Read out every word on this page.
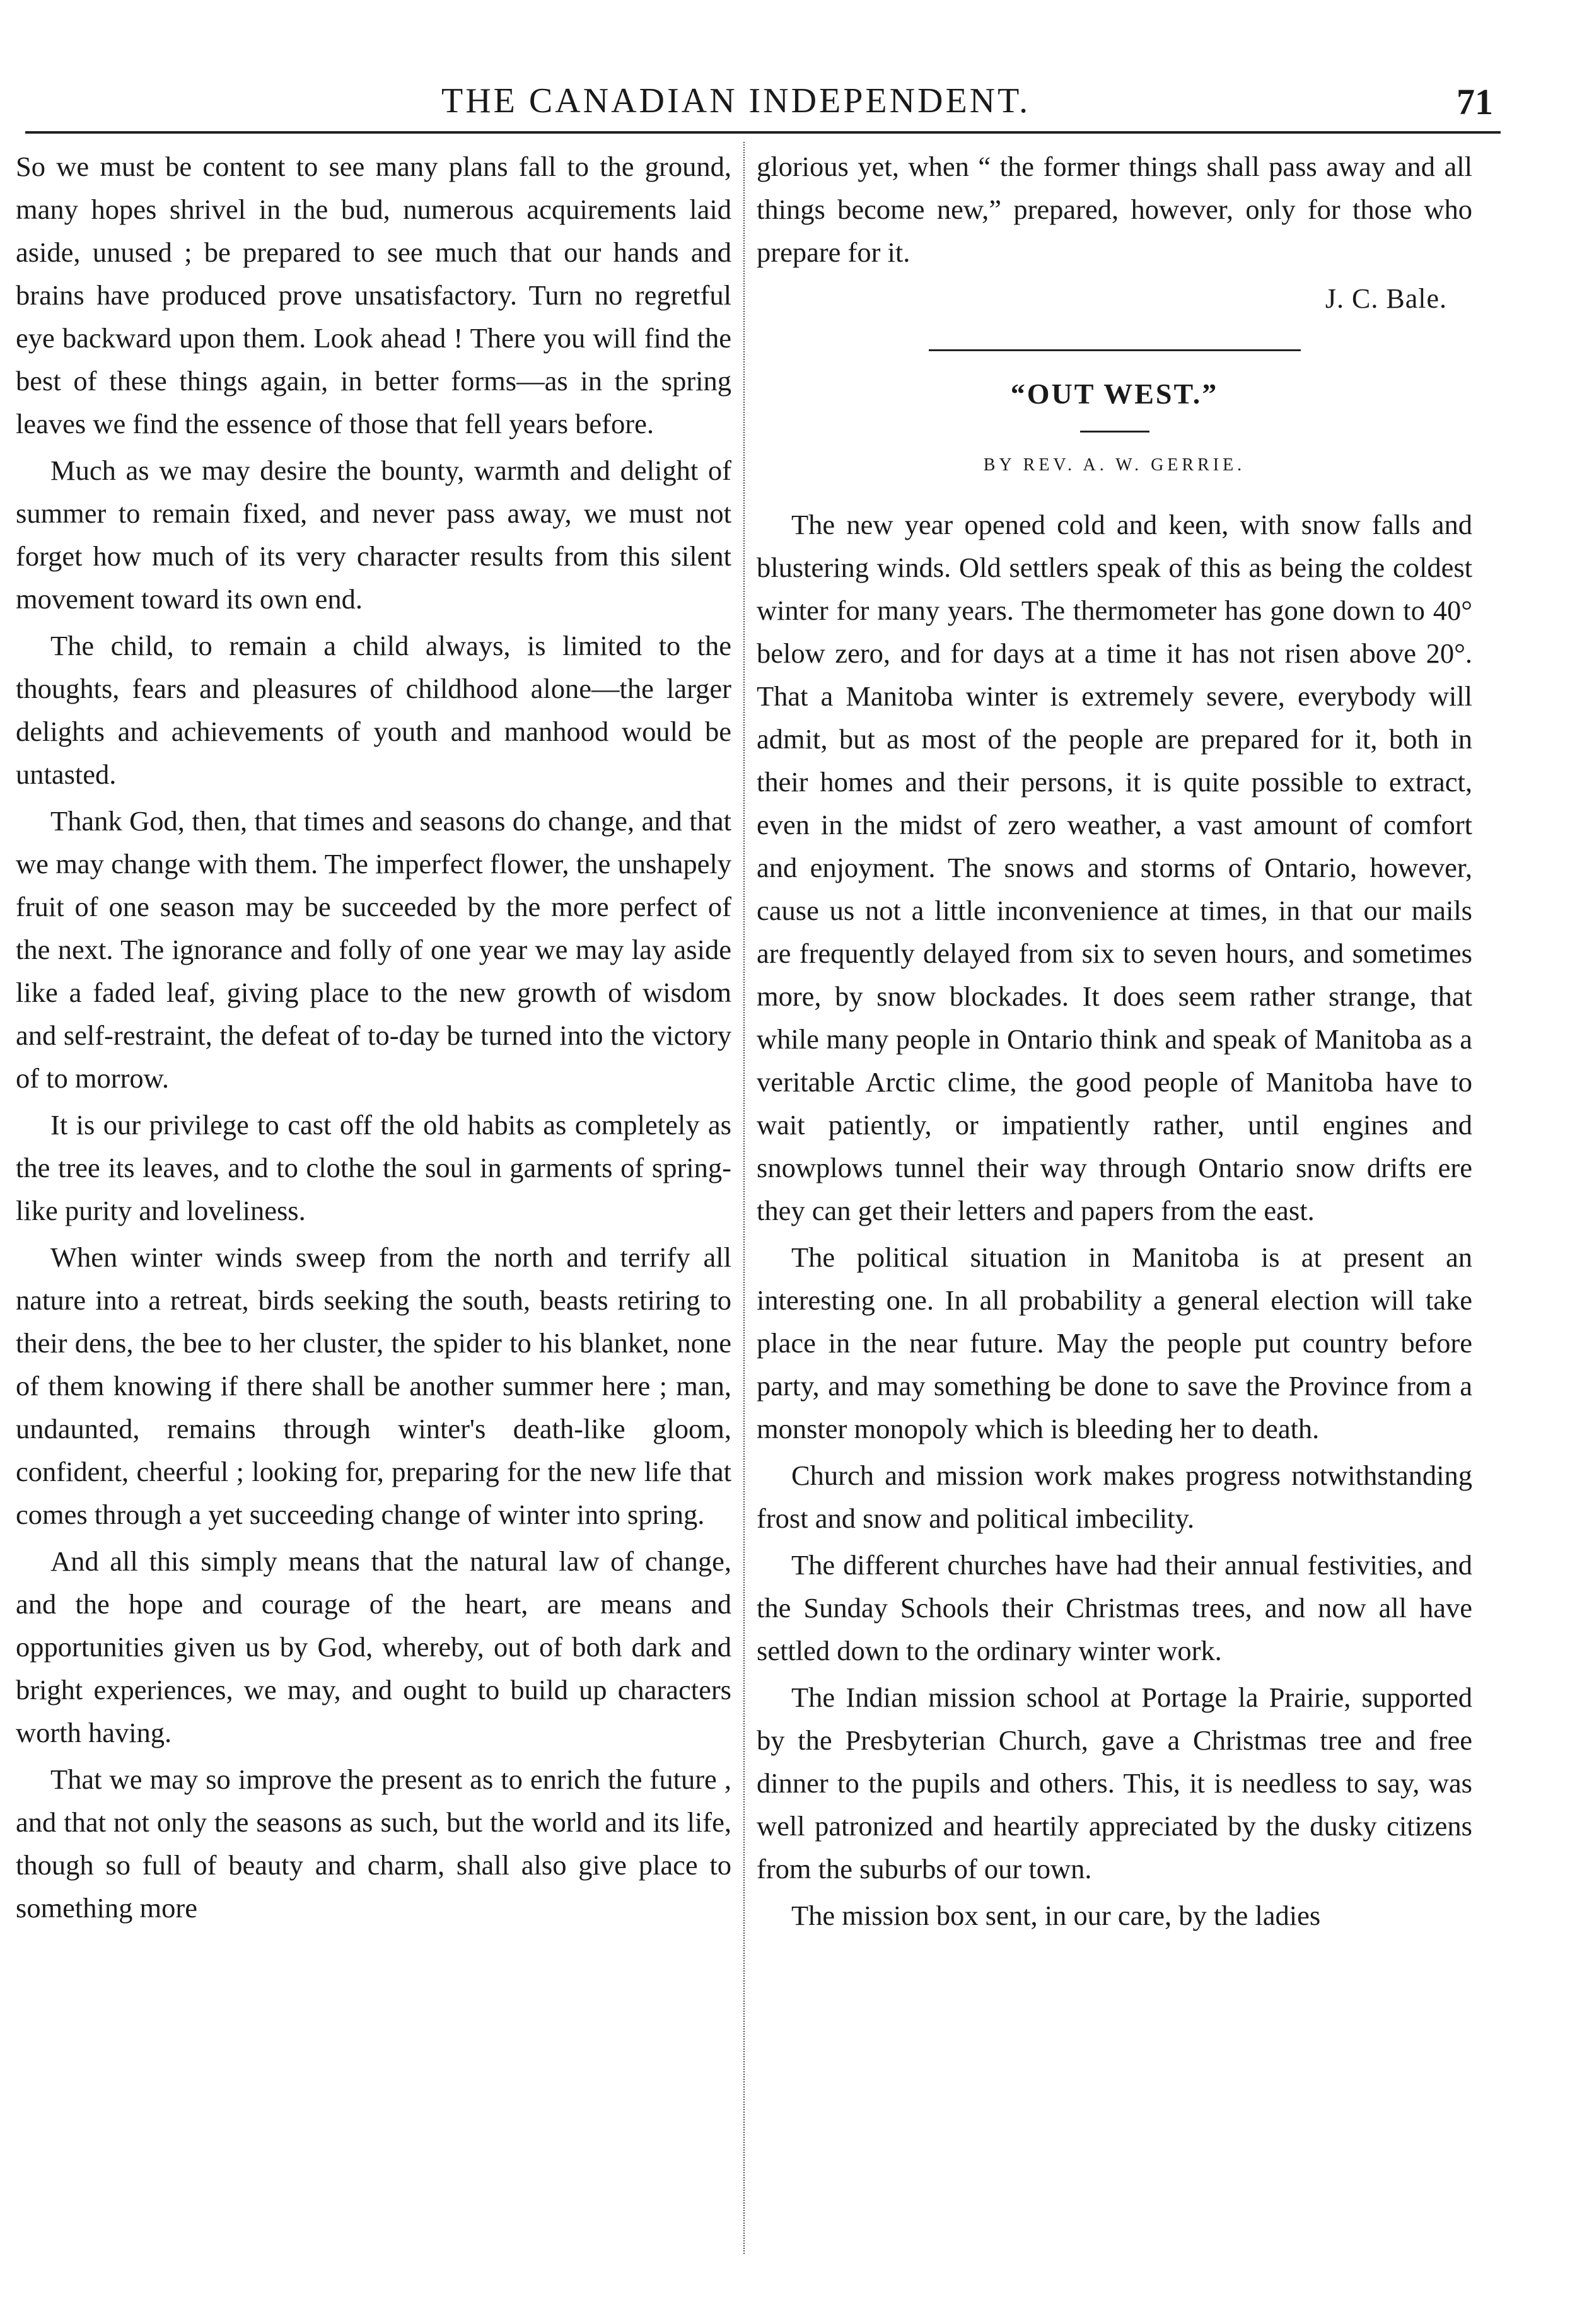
THE CANADIAN INDEPENDENT.	71

So we must be content to see many plans fall to the ground, many hopes shrivel in the bud, numerous acquirements laid aside, unused ; be prepared to see much that our hands and brains have produced prove unsatisfactory. Turn no regretful eye backward upon them. Look ahead ! There you will find the best of these things again, in better forms—as in the spring leaves we find the essence of those that fell years before.

Much as we may desire the bounty, warmth and delight of summer to remain fixed, and never pass away, we must not forget how much of its very character results from this silent movement toward its own end.

The child, to remain a child always, is limited to the thoughts, fears and pleasures of childhood alone—the larger delights and achievements of youth and manhood would be untasted.

Thank God, then, that times and seasons do change, and that we may change with them. The imperfect flower, the unshapely fruit of one season may be succeeded by the more perfect of the next. The ignorance and folly of one year we may lay aside like a faded leaf, giving place to the new growth of wisdom and self-restraint, the defeat of to-day be turned into the victory of to morrow.

It is our privilege to cast off the old habits as completely as the tree its leaves, and to clothe the soul in garments of spring-like purity and loveliness.

When winter winds sweep from the north and terrify all nature into a retreat, birds seeking the south, beasts retiring to their dens, the bee to her cluster, the spider to his blanket, none of them knowing if there shall be another summer here ; man, undaunted, remains through winter's death-like gloom, confident, cheerful ; looking for, preparing for the new life that comes through a yet succeeding change of winter into spring.

And all this simply means that the natural law of change, and the hope and courage of the heart, are means and opportunities given us by God, whereby, out of both dark and bright experiences, we may, and ought to build up characters worth having.

That we may so improve the present as to enrich the future , and that not only the seasons as such, but the world and its life, though so full of beauty and charm, shall also give place to something more

glorious yet, when “ the former things shall pass away and all things become new,” prepared, however, only for those who prepare for it.

J. C. Bale.

“OUT WEST.”

BY REV. A. W. GERRIE.

The new year opened cold and keen, with snow falls and blustering winds. Old settlers speak of this as being the coldest winter for many years. The thermometer has gone down to 40° below zero, and for days at a time it has not risen above 20°. That a Manitoba winter is extremely severe, everybody will admit, but as most of the people are prepared for it, both in their homes and their persons, it is quite possible to extract, even in the midst of zero weather, a vast amount of comfort and enjoyment. The snows and storms of Ontario, however, cause us not a little inconvenience at times, in that our mails are frequently delayed from six to seven hours, and sometimes more, by snow blockades. It does seem rather strange, that while many people in Ontario think and speak of Manitoba as a veritable Arctic clime, the good people of Manitoba have to wait patiently, or impatiently rather, until engines and snowplows tunnel their way through Ontario snow drifts ere they can get their letters and papers from the east.

The political situation in Manitoba is at present an interesting one. In all probability a general election will take place in the near future. May the people put country before party, and may something be done to save the Province from a monster monopoly which is bleeding her to death.

Church and mission work makes progress notwithstanding frost and snow and political imbecility.

The different churches have had their annual festivities, and the Sunday Schools their Christmas trees, and now all have settled down to the ordinary winter work.

The Indian mission school at Portage la Prairie, supported by the Presbyterian Church, gave a Christmas tree and free dinner to the pupils and others. This, it is needless to say, was well patronized and heartily appreciated by the dusky citizens from the suburbs of our town.

The mission box sent, in our care, by the ladies
